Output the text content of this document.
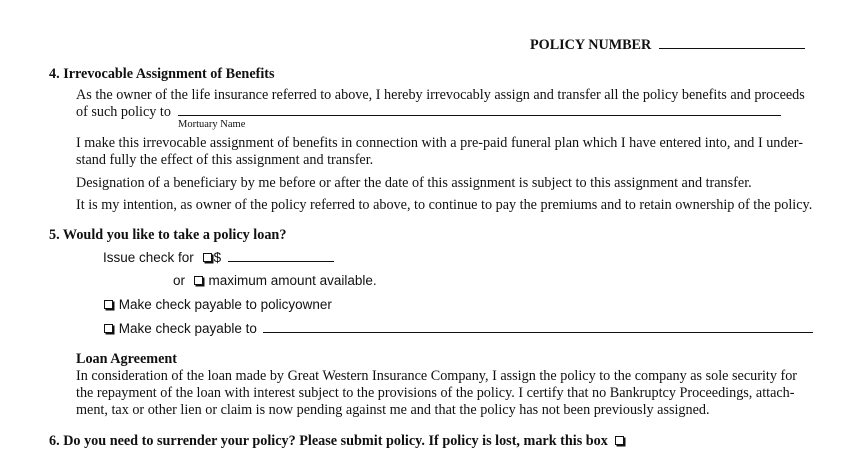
POLICY NUMBER
4. Irrevocable Assignment of Benefits
As the owner of the life insurance referred to above, I hereby irrevocably assign and transfer all the policy benefits and proceeds
of such policy to
Mortuary Name
I make this irrevocable assignment of benefits in connection with a pre-paid funeral plan which I have entered into, and I under-
stand fully the effect of this assignment and transfer.
Designation of a beneficiary by me before or after the date of this assignment is subject to this assignment and transfer.
It is my intention, as owner of the policy referred to above, to continue to pay the premiums and to retain ownership of the policy.
5. Would you like to take a policy loan?
Issue check for $
or maximum amount available.
Make check payable to policyowner
Make check payable to
Loan Agreement
In consideration of the loan made by Great Western Insurance Company, I assign the policy to the company as sole security for
the repayment of the loan with interest subject to the provisions of the policy. I certify that no Bankruptcy Proceedings, attach-
ment, tax or other lien or claim is now pending against me and that the policy has not been previously assigned.
6. Do you need to surrender your policy? Please submit policy. If policy is lost, mark this box
